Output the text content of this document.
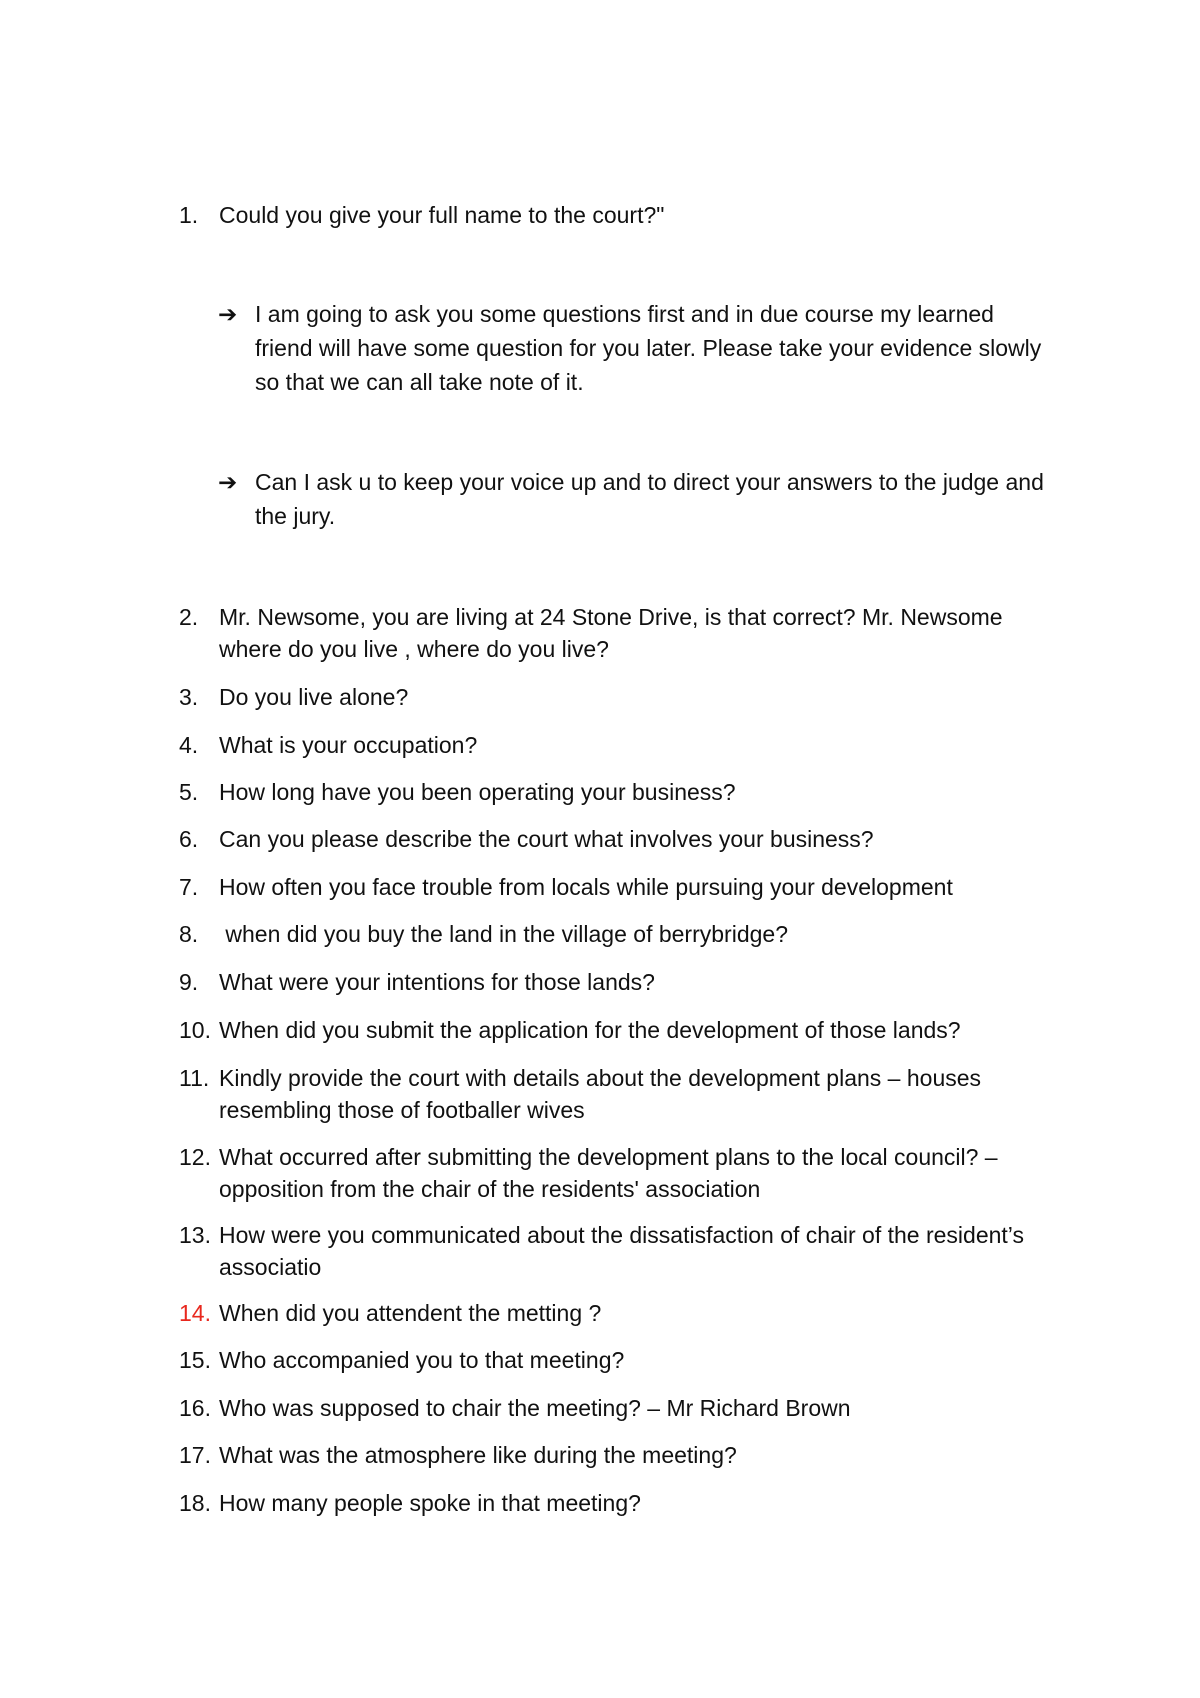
1. Could you give your full name to the court?"
➔ I am going to ask you some questions first and in due course my learned friend will have some question for you later. Please take your evidence slowly so that we can all take note of it.
➔ Can I ask u to keep your voice up and to direct your answers to the judge and the jury.
2. Mr. Newsome, you are living at 24 Stone Drive, is that correct? Mr. Newsome where do you live , where do you live?
3. Do you live alone?
4. What is your occupation?
5. How long have you been operating your business?
6. Can you please describe the court what involves your business?
7. How often you face trouble from locals while pursuing your development
8. when did you buy the land in the village of berrybridge?
9. What were your intentions for those lands?
10. When did you submit the application for the development of those lands?
11. Kindly provide the court with details about the development plans – houses resembling those of footballer wives
12. What occurred after submitting the development plans to the local council? – opposition from the chair of the residents' association
13. How were you communicated about the dissatisfaction of chair of the resident’s associatio
14. When did you attendent the metting ?
15. Who accompanied you to that meeting?
16. Who was supposed to chair the meeting? – Mr Richard Brown
17. What was the atmosphere like during the meeting?
18. How many people spoke in that meeting?
